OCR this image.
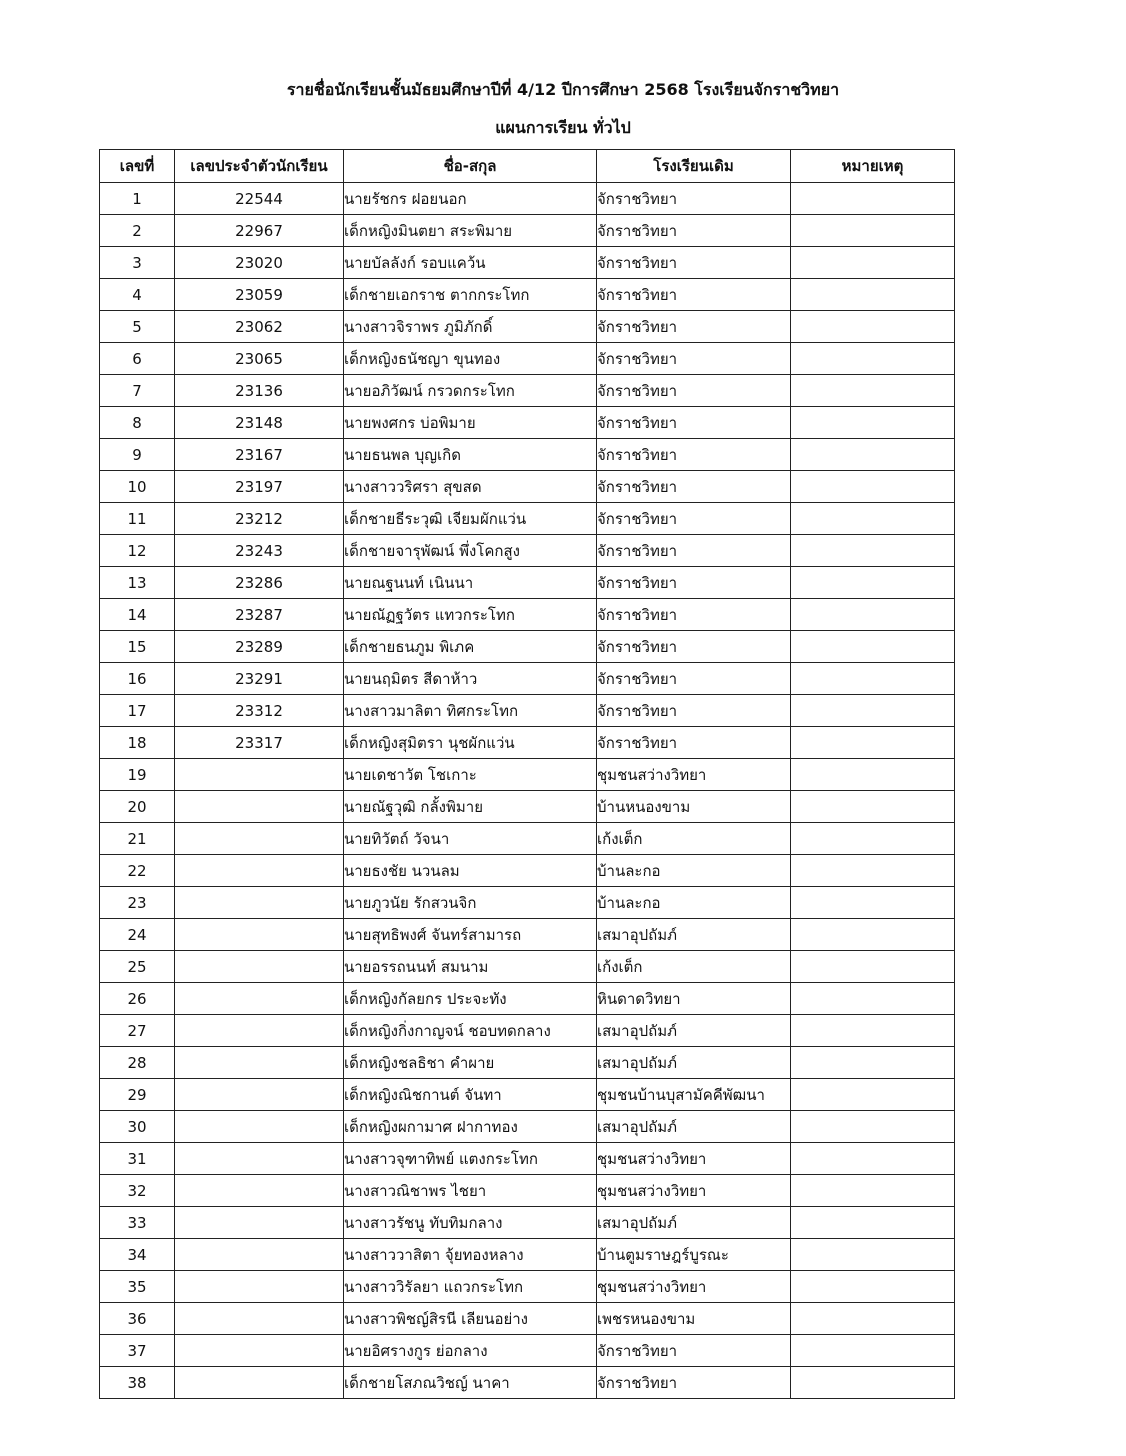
รายชื่อนักเรียนชั้นมัธยมศึกษาปีที่ 4/12 ปีการศึกษา 2568 โรงเรียนจักราชวิทยา
แผนการเรียน ทั่วไป
เลขที่	เลขประจำตัวนักเรียน	ชื่อ-สกุล	โรงเรียนเดิม	หมายเหตุ
1	22544	นายรัชกร ฝอยนอก	จักราชวิทยา	
2	22967	เด็กหญิงมินตยา สระพิมาย	จักราชวิทยา	
3	23020	นายบัลลังก์ รอบแคว้น	จักราชวิทยา	
4	23059	เด็กชายเอกราช ตากกระโทก	จักราชวิทยา	
5	23062	นางสาวจิราพร ภูมิภักดิ์	จักราชวิทยา	
6	23065	เด็กหญิงธนัชญา ขุนทอง	จักราชวิทยา	
7	23136	นายอภิวัฒน์ กรวดกระโทก	จักราชวิทยา	
8	23148	นายพงศกร บ่อพิมาย	จักราชวิทยา	
9	23167	นายธนพล บุญเกิด	จักราชวิทยา	
10	23197	นางสาววริศรา สุขสด	จักราชวิทยา	
11	23212	เด็กชายธีระวุฒิ เจียมผักแว่น	จักราชวิทยา	
12	23243	เด็กชายจารุพัฒน์ พึ่งโคกสูง	จักราชวิทยา	
13	23286	นายณฐนนท์ เนินนา	จักราชวิทยา	
14	23287	นายณัฏฐวัตร แทวกระโทก	จักราชวิทยา	
15	23289	เด็กชายธนภูม พิเภค	จักราชวิทยา	
16	23291	นายนฤมิตร สีดาห้าว	จักราชวิทยา	
17	23312	นางสาวมาลิตา ทิศกระโทก	จักราชวิทยา	
18	23317	เด็กหญิงสุมิตรา นุชผักแว่น	จักราชวิทยา	
19		นายเดชาวัต โชเกาะ	ชุมชนสว่างวิทยา	
20		นายณัฐวุฒิ กลั้งพิมาย	บ้านหนองขาม	
21		นายทิวัตถ์ วัจนา	เก้งเต็ก	
22		นายธงชัย นวนลม	บ้านละกอ	
23		นายภูวนัย รักสวนจิก	บ้านละกอ	
24		นายสุทธิพงศ์ จันทร์สามารถ	เสมาอุปถัมภ์	
25		นายอรรถนนท์ สมนาม	เก้งเต็ก	
26		เด็กหญิงกัลยกร ประจะทัง	หินดาดวิทยา	
27		เด็กหญิงกิ่งกาญจน์ ชอบทดกลาง	เสมาอุปถัมภ์	
28		เด็กหญิงชลธิชา คำผาย	เสมาอุปถัมภ์	
29		เด็กหญิงณิชกานต์ จันทา	ชุมชนบ้านบุสามัคคีพัฒนา	
30		เด็กหญิงผกามาศ ฝากาทอง	เสมาอุปถัมภ์	
31		นางสาวจุฑาทิพย์ แตงกระโทก	ชุมชนสว่างวิทยา	
32		นางสาวณิชาพร ไชยา	ชุมชนสว่างวิทยา	
33		นางสาวรัชนู ทับทิมกลาง	เสมาอุปถัมภ์	
34		นางสาววาสิตา จุ้ยทองหลาง	บ้านตูมราษฎร์บูรณะ	
35		นางสาววิรัลยา แถวกระโทก	ชุมชนสว่างวิทยา	
36		นางสาวพิชญ์สิรนี เลียนอย่าง	เพชรหนองขาม	
37		นายอิศรางกูร ย่อกลาง	จักราชวิทยา	
38		เด็กชายโสภณวิชญ์ นาคา	จักราชวิทยา	
